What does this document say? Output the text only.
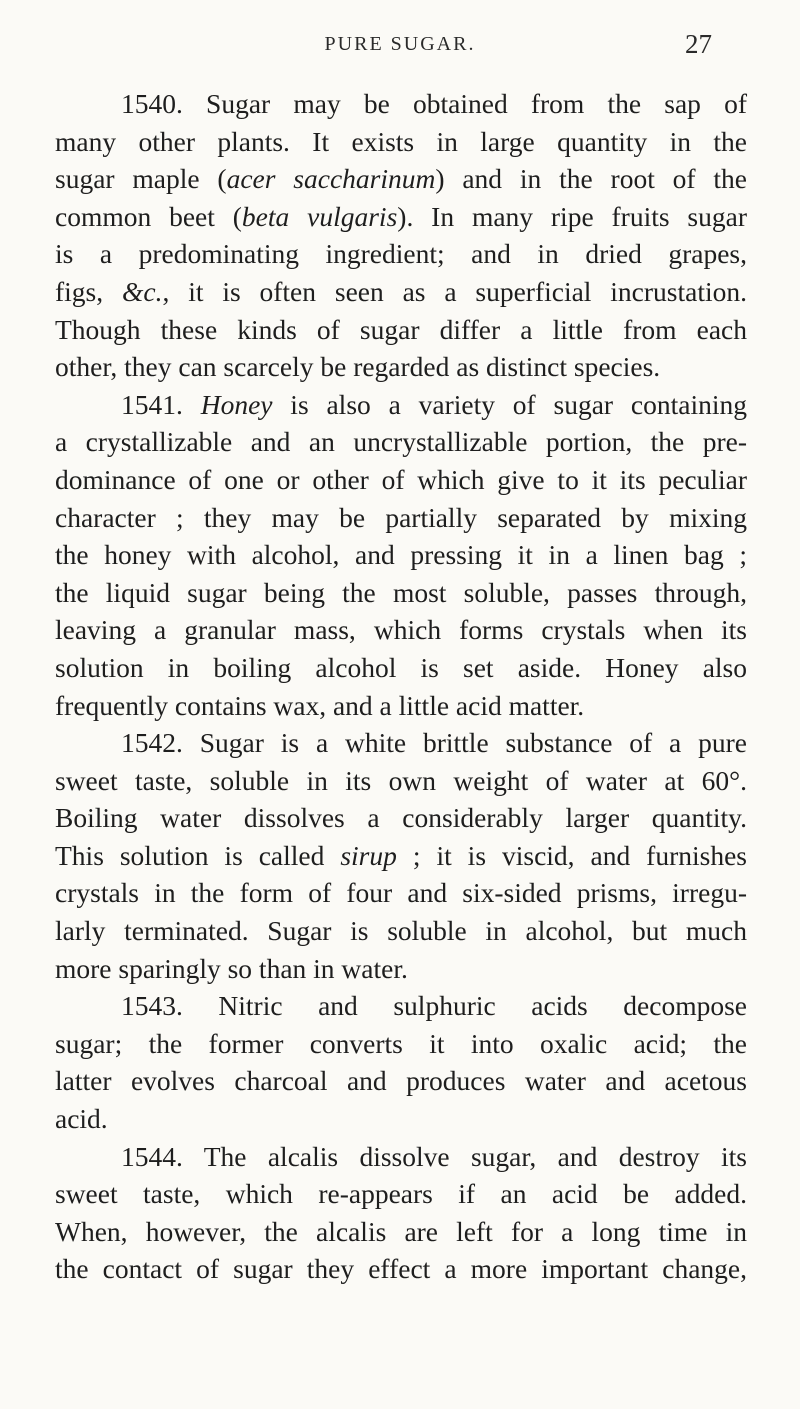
PURE SUGAR.	27
1540. Sugar may be obtained from the sap of
many other plants. It exists in large quantity in the
sugar maple (acer saccharinum) and in the root of the
common beet (beta vulgaris). In many ripe fruits sugar
is a predominating ingredient; and in dried grapes,
figs, &c., it is often seen as a superficial incrustation.
Though these kinds of sugar differ a little from each
other, they can scarcely be regarded as distinct species.
1541. Honey is also a variety of sugar containing
a crystallizable and an uncrystallizable portion, the pre-
dominance of one or other of which give to it its peculiar
character ; they may be partially separated by mixing
the honey with alcohol, and pressing it in a linen bag ;
the liquid sugar being the most soluble, passes through,
leaving a granular mass, which forms crystals when its
solution in boiling alcohol is set aside. Honey also
frequently contains wax, and a little acid matter.
1542. Sugar is a white brittle substance of a pure
sweet taste, soluble in its own weight of water at 60°.
Boiling water dissolves a considerably larger quantity.
This solution is called sirup ; it is viscid, and furnishes
crystals in the form of four and six-sided prisms, irregu-
larly terminated. Sugar is soluble in alcohol, but much
more sparingly so than in water.
1543. Nitric and sulphuric acids decompose
sugar; the former converts it into oxalic acid; the
latter evolves charcoal and produces water and acetous
acid.
1544. The alcalis dissolve sugar, and destroy its
sweet taste, which re-appears if an acid be added.
When, however, the alcalis are left for a long time in
the contact of sugar they effect a more important change,
